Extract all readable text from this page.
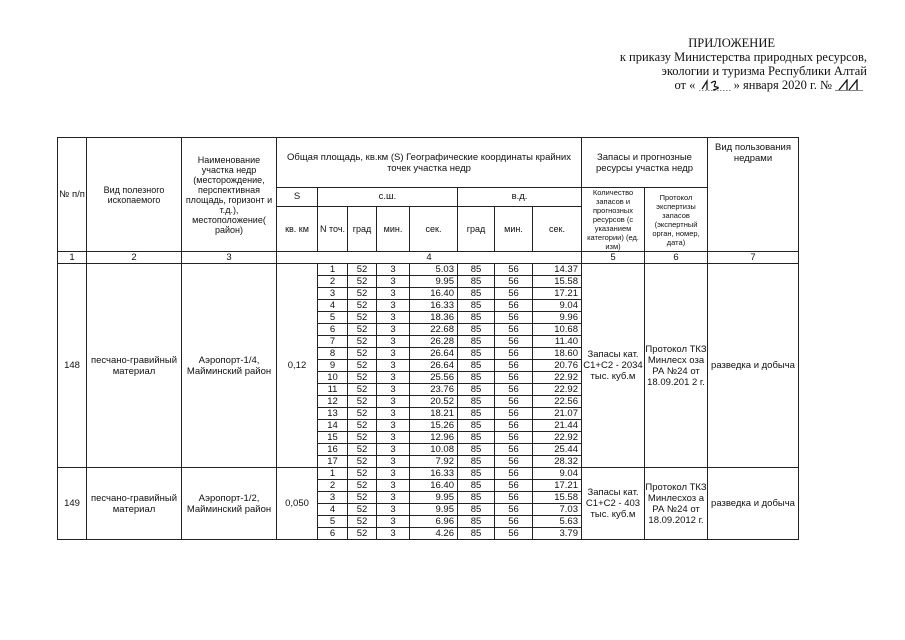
ПРИЛОЖЕНИЕ
к приказу Министерства природных ресурсов,
экологии и туризма Республики Алтай
от «	» января 2020 г. №
№ п/п	Вид полезного ископаемого	Наименование участка недр (месторождение, перспективная площадь, горизонт и т.д.), местоположение( район)	Общая площадь, кв.км (S) Географические координаты крайних точек участка недр								Запасы и прогнозные ресурсы участка недр		Вид пользования недрами
			S	с.ш.				в.д.			Количество запасов и прогнозных ресурсов (с указанием категории) (ед. изм)	Протокол экспертизы запасов (экспертный орган, номер, дата)	
			кв. км	N точ.	град	мин.	сек.	град	мин.	сек.			
1	2	3	4								5	6	7
148	песчано-гравийный материал	Аэропорт-1/4, Майминский район	0,12	1	52	3	5.03	85	56	14.37	Запасы кат. С1+С2 - 2034 тыс. куб.м	Протокол ТКЗ Минлесх оза РА №24 от 18.09.201 2 г.	разведка и добыча
				2	52	3	9.95	85	56	15.58			
				3	52	3	16.40	85	56	17.21			
				4	52	3	16.33	85	56	9.04			
				5	52	3	18.36	85	56	9.96			
				6	52	3	22.68	85	56	10.68			
				7	52	3	26.28	85	56	11.40			
				8	52	3	26.64	85	56	18.60			
				9	52	3	26.64	85	56	20.76			
				10	52	3	25.56	85	56	22.92			
				11	52	3	23.76	85	56	22.92			
				12	52	3	20.52	85	56	22.56			
				13	52	3	18.21	85	56	21.07			
				14	52	3	15.26	85	56	21.44			
				15	52	3	12.96	85	56	22.92			
				16	52	3	10.08	85	56	25.44			
				17	52	3	7.92	85	56	28.32			
149	песчано-гравийный материал	Аэропорт-1/2, Майминский район	0,050	1	52	3	16.33	85	56	9.04	Запасы кат. С1+С2 - 403 тыс. куб.м	Протокол ТКЗ Минлесхоз а РА №24 от 18.09.2012 г.	разведка и добыча
				2	52	3	16.40	85	56	17.21			
				3	52	3	9.95	85	56	15.58			
				4	52	3	9.95	85	56	7.03			
				5	52	3	6.96	85	56	5.63			
				6	52	3	4.26	85	56	3.79			
